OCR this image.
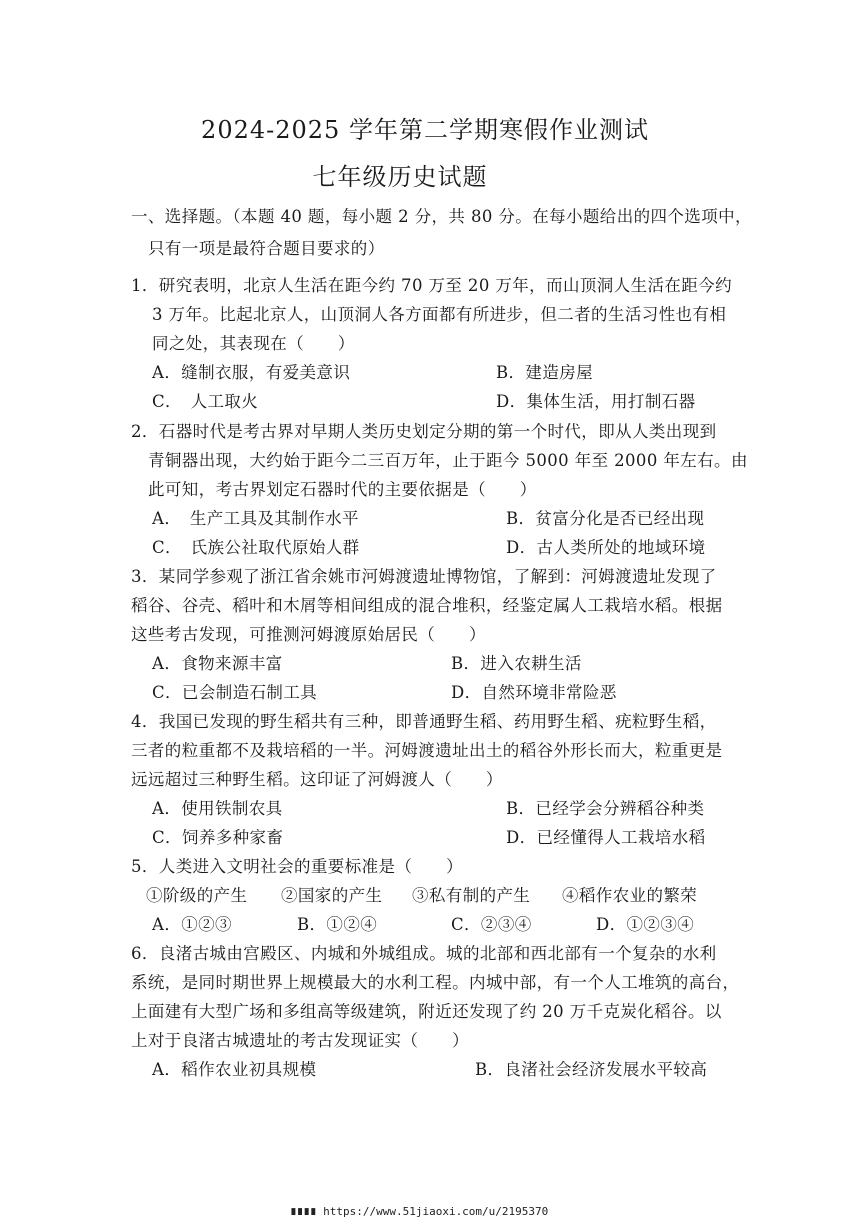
2024-2025 学年第二学期寒假作业测试
七年级历史试题
一、选择题。（本题 40 题，每小题 2 分，共 80 分。在每小题给出的四个选项中，
只有一项是最符合题目要求的）
1．研究表明，北京人生活在距今约 70 万至 20 万年，而山顶洞人生活在距今约
3 万年。比起北京人，山顶洞人各方面都有所进步，但二者的生活习性也有相
同之处，其表现在（　　）
A．缝制衣服，有爱美意识	B．建造房屋
C．　人工取火	D．集体生活，用打制石器
2．石器时代是考古界对早期人类历史划定分期的第一个时代，即从人类出现到
青铜器出现，大约始于距今二三百万年，止于距今 5000 年至 2000 年左右。由
此可知，考古界划定石器时代的主要依据是（　　）
A．　生产工具及其制作水平	B．贫富分化是否已经出现
C．　氏族公社取代原始人群	D．古人类所处的地域环境
3．某同学参观了浙江省余姚市河姆渡遗址博物馆，了解到：河姆渡遗址发现了
稻谷、谷壳、稻叶和木屑等相间组成的混合堆积，经鉴定属人工栽培水稻。根据
这些考古发现，可推测河姆渡原始居民（　　）
A．食物来源丰富	B．进入农耕生活
C．已会制造石制工具	D．自然环境非常险恶
4．我国已发现的野生稻共有三种，即普通野生稻、药用野生稻、疣粒野生稻，
三者的粒重都不及栽培稻的一半。河姆渡遗址出土的稻谷外形长而大，粒重更是
远远超过三种野生稻。这印证了河姆渡人（　　）
A．使用铁制农具	B．已经学会分辨稻谷种类
C．饲养多种家畜	D．已经懂得人工栽培水稻
5．人类进入文明社会的重要标准是（　　）
①阶级的产生 ②国家的产生 ③私有制的产生 ④稻作农业的繁荣
A．①②③	B．①②④	C．②③④	D．①②③④
6．良渚古城由宫殿区、内城和外城组成。城的北部和西北部有一个复杂的水利
系统，是同时期世界上规模最大的水利工程。内城中部，有一个人工堆筑的高台，
上面建有大型广场和多组高等级建筑，附近还发现了约 20 万千克炭化稻谷。以
上对于良渚古城遗址的考古发现证实（　　）
A．稻作农业初具规模	B．良渚社会经济发展水平较高
∎∎∎∎ https://www.51jiaoxi.com/u/2195370
